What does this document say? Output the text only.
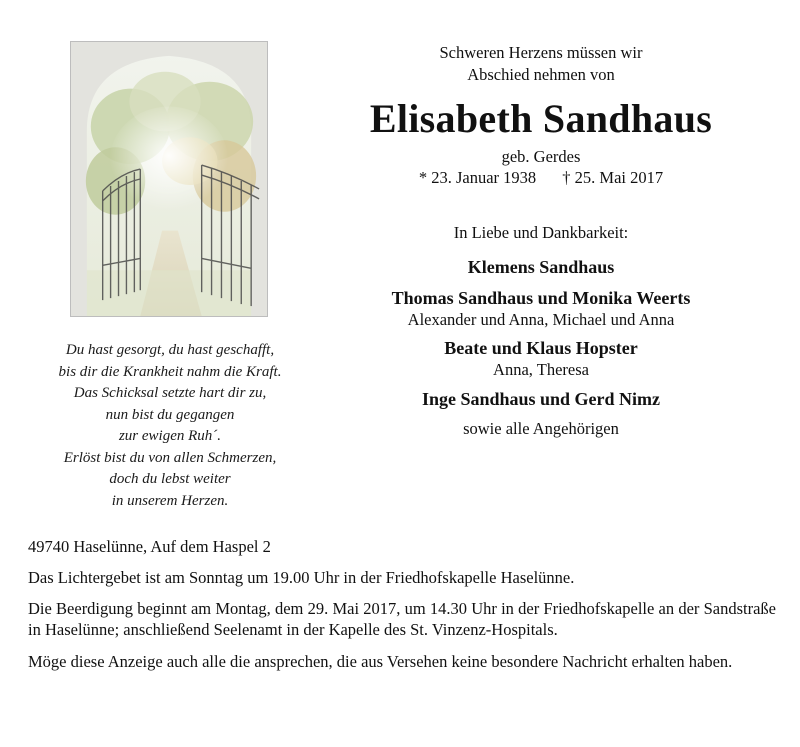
Du hast gesorgt, du hast geschafft,
bis dir die Krankheit nahm die Kraft.
Das Schicksal setzte hart dir zu,
nun bist du gegangen
zur ewigen Ruh´.
Erlöst bist du von allen Schmerzen,
doch du lebst weiter
in unserem Herzen.
Schweren Herzens müssen wir
Abschied nehmen von
Elisabeth Sandhaus
geb. Gerdes
* 23. Januar 1938 † 25. Mai 2017
In Liebe und Dankbarkeit:
Klemens Sandhaus
Thomas Sandhaus und Monika Weerts
Alexander und Anna, Michael und Anna
Beate und Klaus Hopster
Anna, Theresa
Inge Sandhaus und Gerd Nimz
sowie alle Angehörigen
49740 Haselünne, Auf dem Haspel 2
Das Lichtergebet ist am Sonntag um 19.00 Uhr in der Friedhofskapelle Haselünne.
Die Beerdigung beginnt am Montag, dem 29. Mai 2017, um 14.30 Uhr in der Friedhofskapelle an der Sandstraße in Haselünne; anschließend Seelenamt in der Kapelle des St. Vinzenz-Hospitals.
Möge diese Anzeige auch alle die ansprechen, die aus Versehen keine besondere Nachricht erhalten haben.
